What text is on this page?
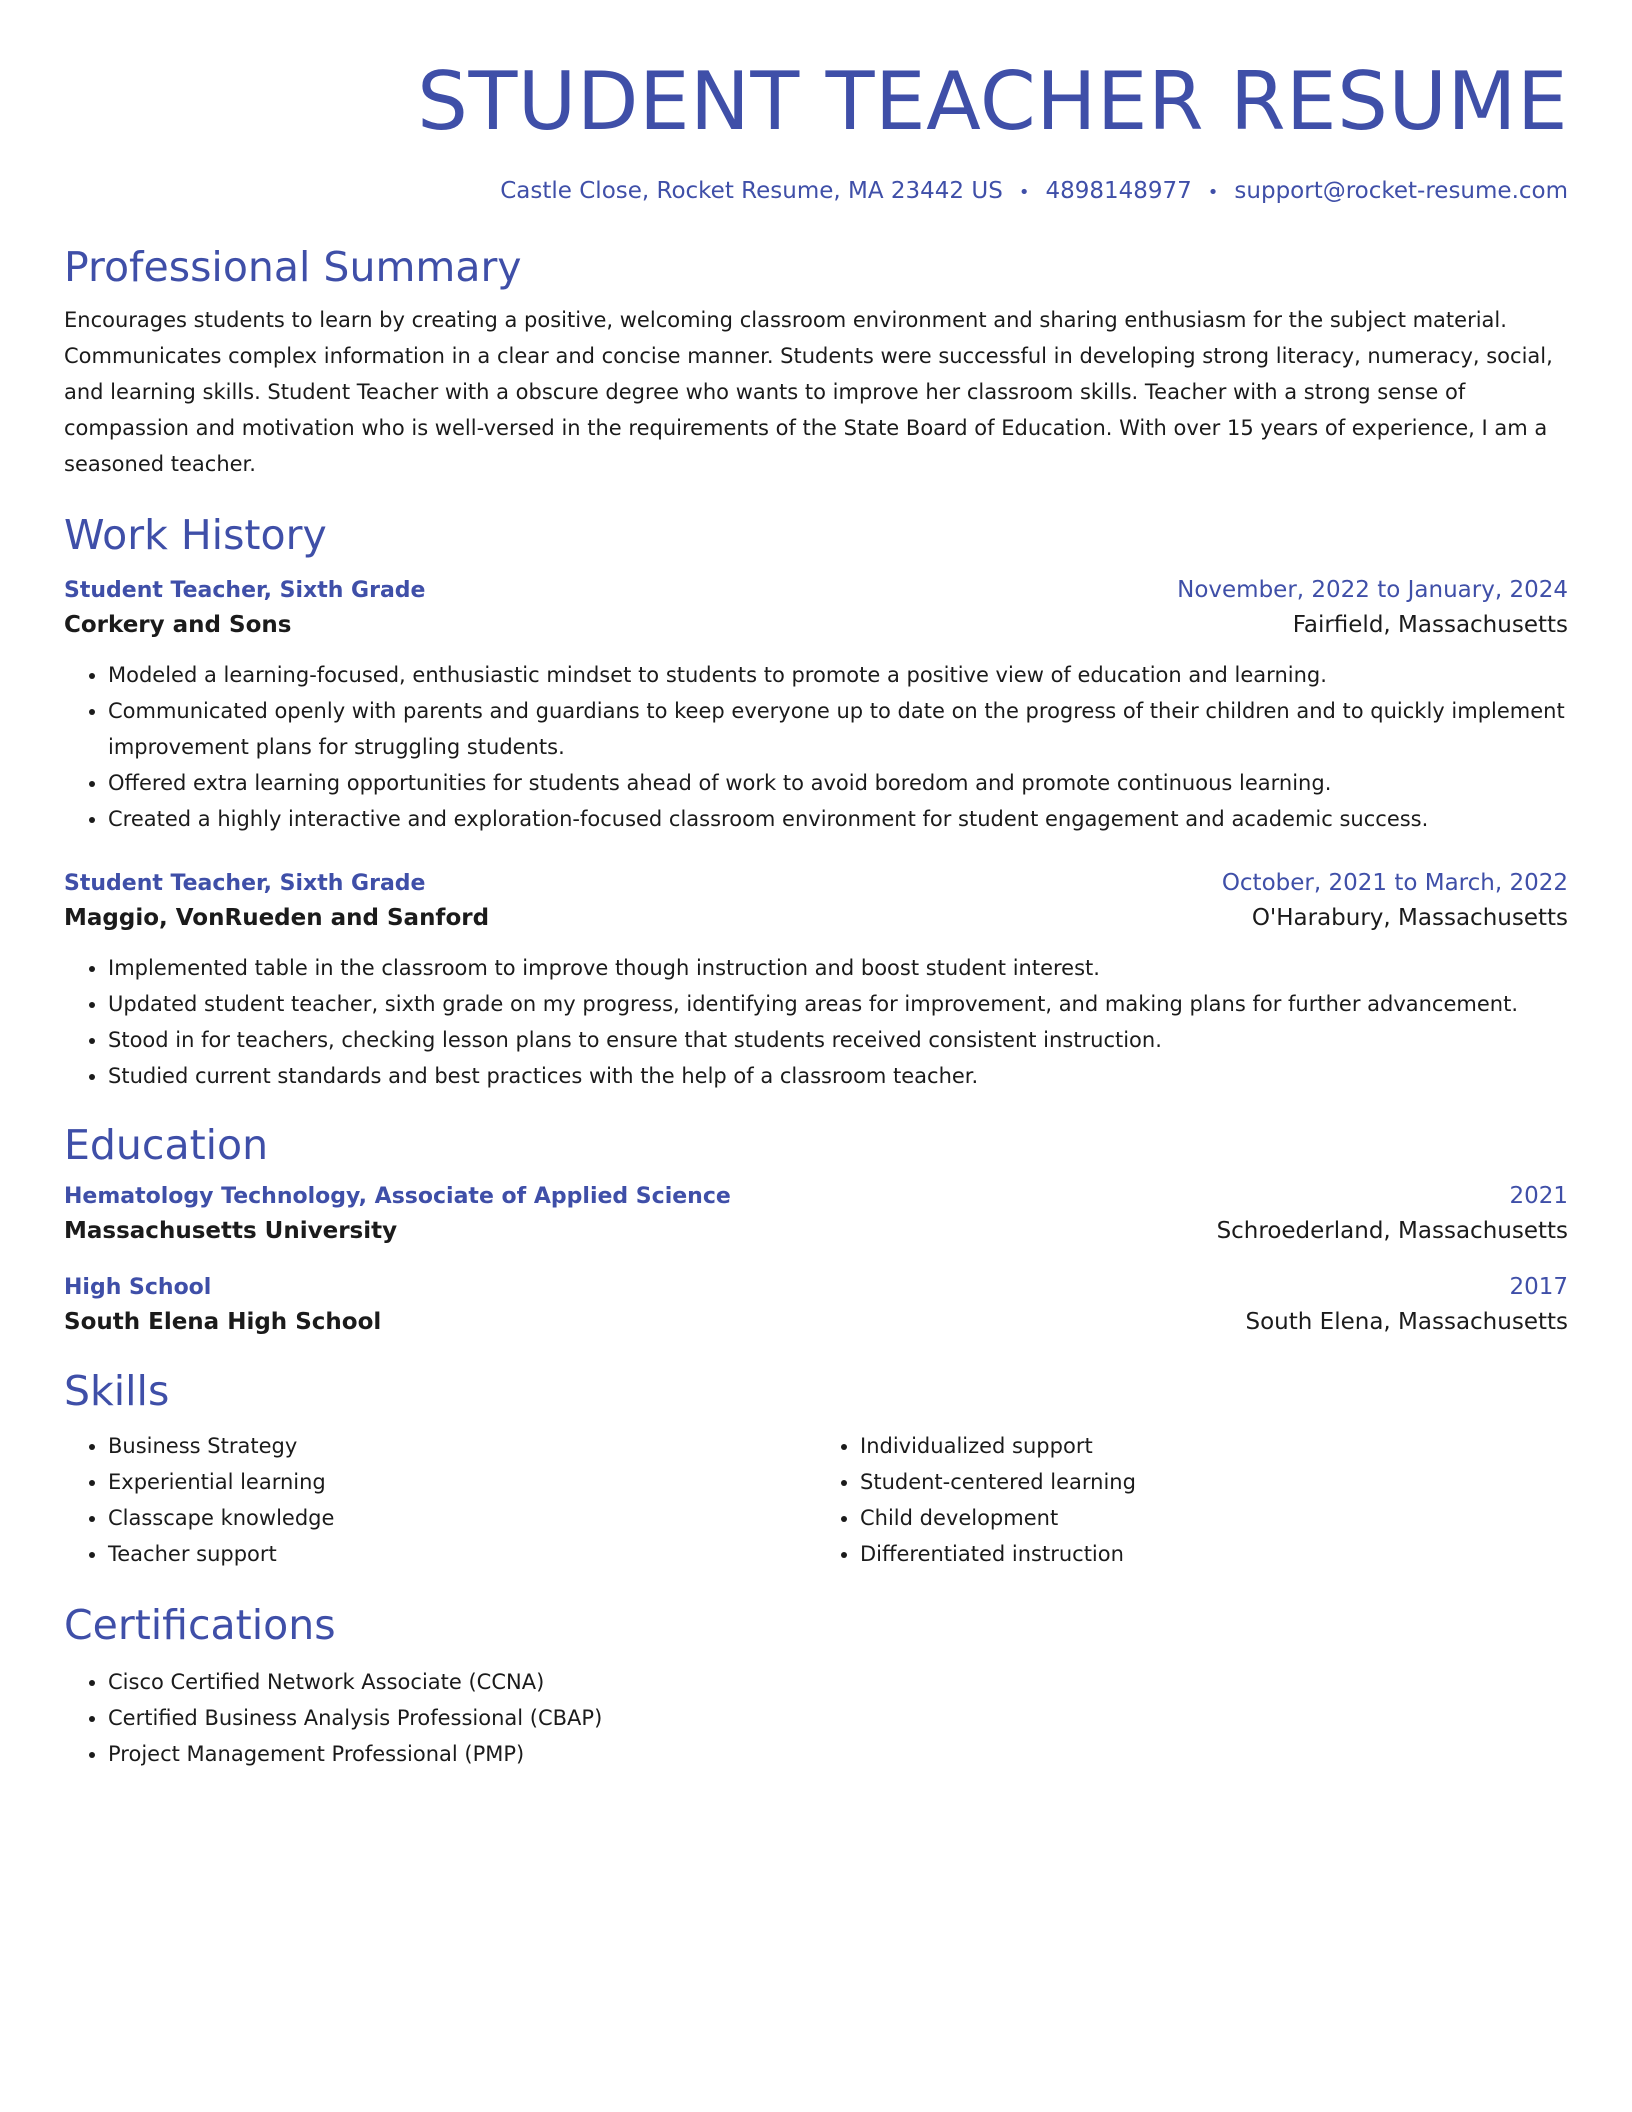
STUDENT TEACHER RESUME
Castle Close, Rocket Resume, MA 23442 US • 4898148977 • support@rocket-resume.com
Professional Summary

Encourages students to learn by creating a positive, welcoming classroom environment and sharing enthusiasm for the subject material. Communicates complex information in a clear and concise manner. Students were successful in developing strong literacy, numeracy, social, and learning skills. Student Teacher with a obscure degree who wants to improve her classroom skills. Teacher with a strong sense of compassion and motivation who is well-versed in the requirements of the State Board of Education. With over 15 years of experience, I am a seasoned teacher.

Work History
Student Teacher, Sixth Grade	November, 2022 to January, 2024
Corkery and Sons	Fairfield, Massachusetts
• Modeled a learning-focused, enthusiastic mindset to students to promote a positive view of education and learning.
• Communicated openly with parents and guardians to keep everyone up to date on the progress of their children and to quickly implement improvement plans for struggling students.
• Offered extra learning opportunities for students ahead of work to avoid boredom and promote continuous learning.
• Created a highly interactive and exploration-focused classroom environment for student engagement and academic success.
Student Teacher, Sixth Grade	October, 2021 to March, 2022
Maggio, VonRueden and Sanford	O'Harabury, Massachusetts
• Implemented table in the classroom to improve though instruction and boost student interest.
• Updated student teacher, sixth grade on my progress, identifying areas for improvement, and making plans for further advancement.
• Stood in for teachers, checking lesson plans to ensure that students received consistent instruction.
• Studied current standards and best practices with the help of a classroom teacher.
Education
Hematology Technology, Associate of Applied Science	2021
Massachusetts University	Schroederland, Massachusetts
High School	2017
South Elena High School	South Elena, Massachusetts
Skills
• Business Strategy
• Experiential learning
• Classcape knowledge
• Teacher support
• Individualized support
• Student-centered learning
• Child development
• Differentiated instruction
Certifications
• Cisco Certified Network Associate (CCNA)
• Certified Business Analysis Professional (CBAP)
• Project Management Professional (PMP)
